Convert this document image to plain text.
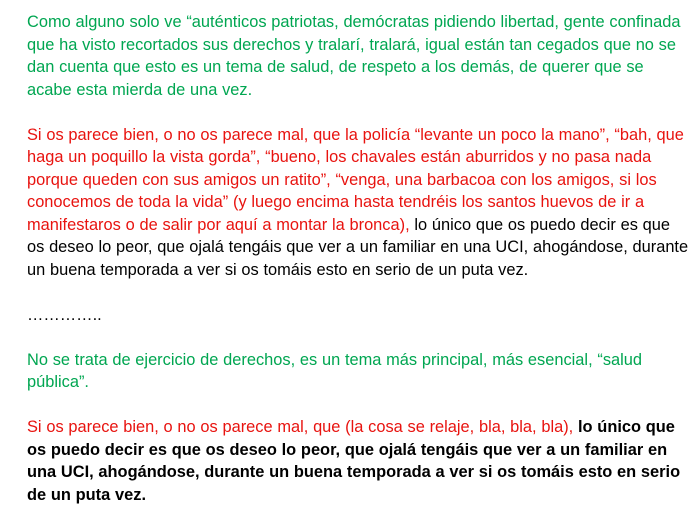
Como alguno solo ve “auténticos patriotas, demócratas pidiendo libertad, gente confinada que ha visto recortados sus derechos y tralarí, tralará, igual están tan cegados que no se dan cuenta que esto es un tema de salud, de respeto a los demás, de querer que se acabe esta mierda de una vez.

Si os parece bien, o no os parece mal, que la policía “levante un poco la mano”, “bah, que haga un poquillo la vista gorda”, “bueno, los chavales están aburridos y no pasa nada porque queden con sus amigos un ratito”, “venga, una barbacoa con los amigos, si los conocemos de toda la vida” (y luego encima hasta tendréis los santos huevos de ir a manifestaros o de salir por aquí a montar la bronca), lo único que os puedo decir es que os deseo lo peor, que ojalá tengáis que ver a un familiar en una UCI, ahogándose, durante un buena temporada a ver si os tomáis esto en serio de un puta vez.

…………..

No se trata de ejercicio de derechos, es un tema más principal, más esencial, “salud pública”.

Si os parece bien, o no os parece mal, que (la cosa se relaje, bla, bla, bla), lo único que os puedo decir es que os deseo lo peor, que ojalá tengáis que ver a un familiar en una UCI, ahogándose, durante un buena temporada a ver si os tomáis esto en serio de un puta vez.
